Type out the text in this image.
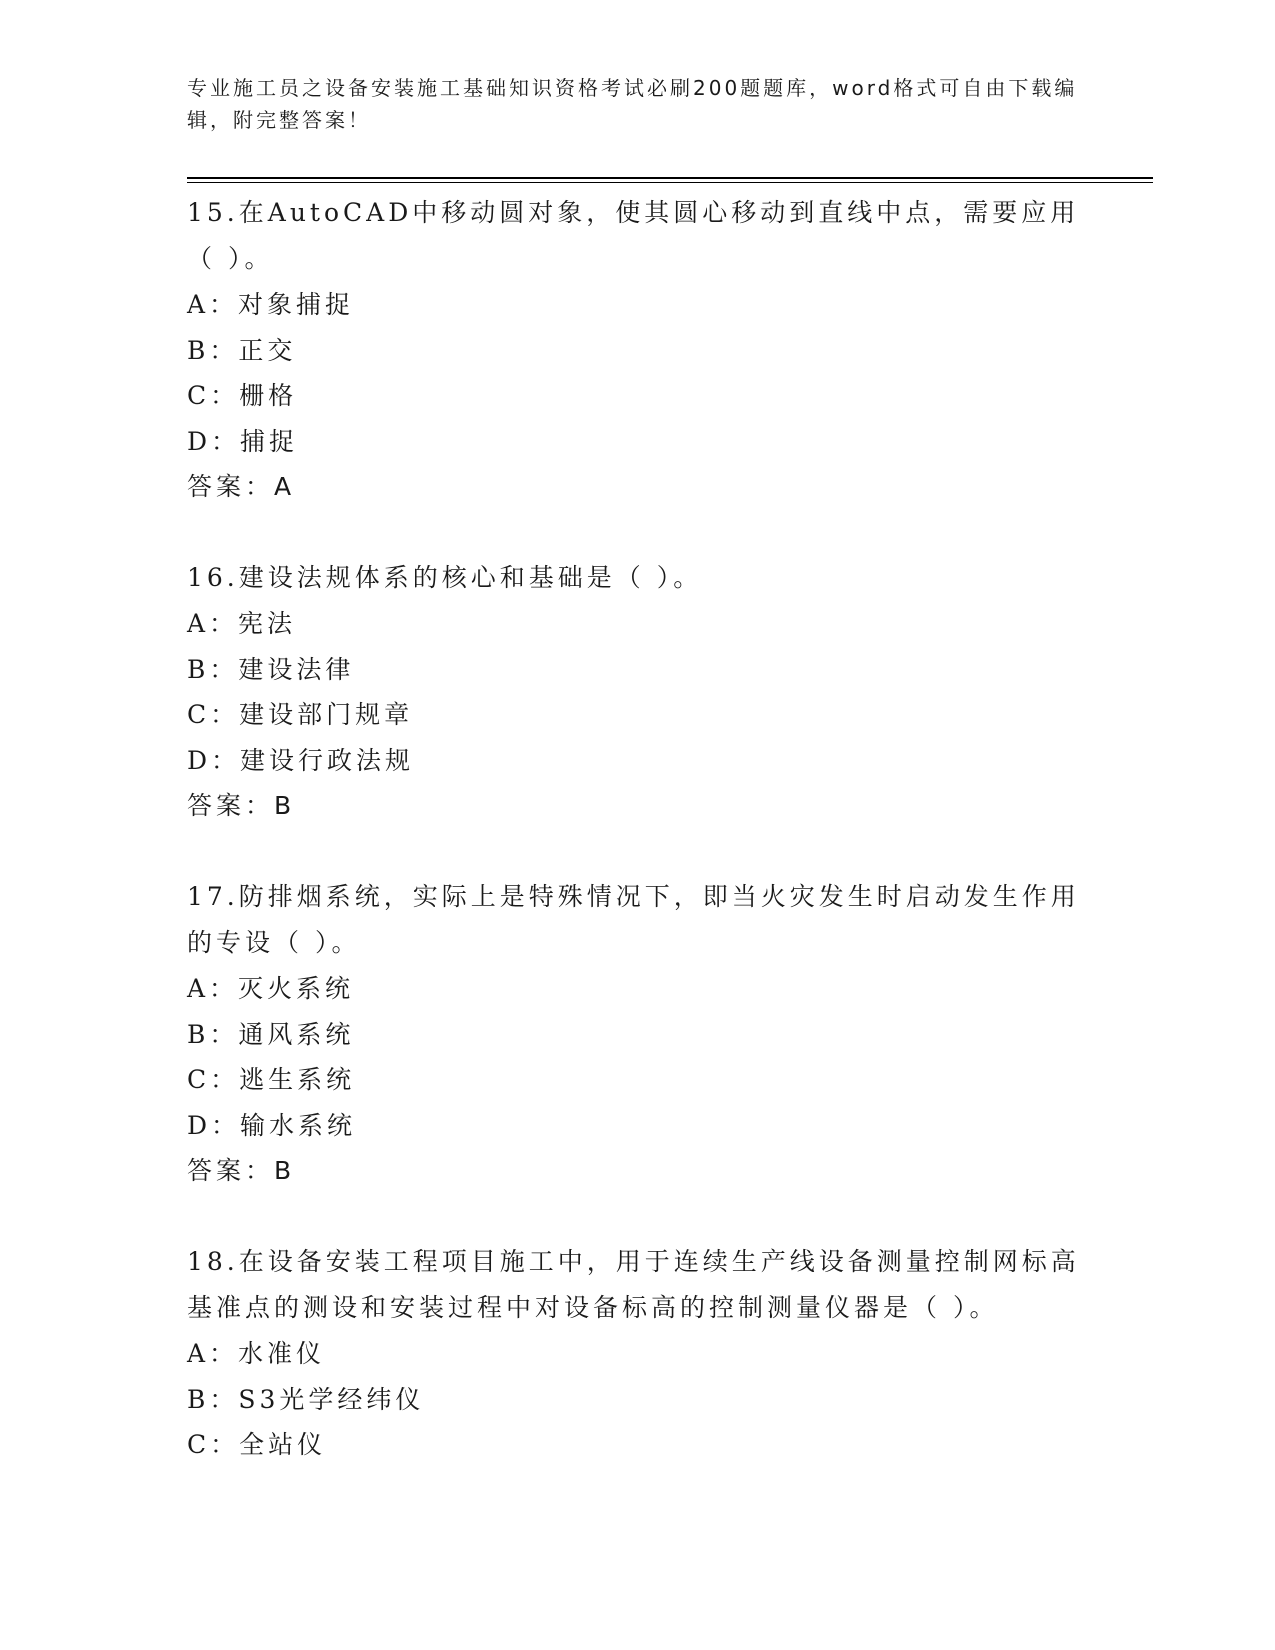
专业施工员之设备安装施工基础知识资格考试必刷200题题库，word格式可自由下载编辑，附完整答案！
15.在AutoCAD中移动圆对象，使其圆心移动到直线中点，需要应用（ ）。
A：对象捕捉
B：正交
C：栅格
D：捕捉
答案：A
16.建设法规体系的核心和基础是（ ）。
A：宪法
B：建设法律
C：建设部门规章
D：建设行政法规
答案：B
17.防排烟系统，实际上是特殊情况下，即当火灾发生时启动发生作用的专设（ ）。
A：灭火系统
B：通风系统
C：逃生系统
D：输水系统
答案：B
18.在设备安装工程项目施工中，用于连续生产线设备测量控制网标高基准点的测设和安装过程中对设备标高的控制测量仪器是（ ）。
A：水准仪
B：S3光学经纬仪
C：全站仪
